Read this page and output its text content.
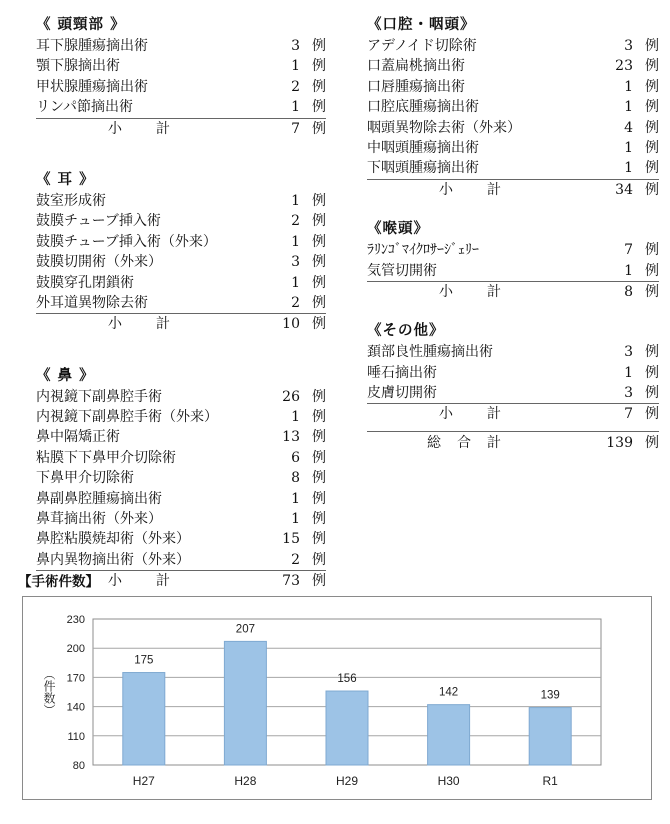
《 頭頸部 》
耳下腺腫瘍摘出術	3 例
顎下腺摘出術	1 例
甲状腺腫瘍摘出術	2 例
リンパ節摘出術	1 例
小計	7 例
《 耳 》
鼓室形成術	1 例
鼓膜チューブ挿入術	2 例
鼓膜チューブ挿入術（外来）	1 例
鼓膜切開術（外来）	3 例
鼓膜穿孔閉鎖術	1 例
外耳道異物除去術	2 例
小計	10 例
《 鼻 》
内視鏡下副鼻腔手術	26 例
内視鏡下副鼻腔手術（外来）	1 例
鼻中隔矯正術	13 例
粘膜下下鼻甲介切除術	6 例
下鼻甲介切除術	8 例
鼻副鼻腔腫瘍摘出術	1 例
鼻茸摘出術（外来）	1 例
鼻腔粘膜焼却術（外来）	15 例
鼻内異物摘出術（外来）	2 例
小計	73 例
《口腔・咽頭》
アデノイド切除術	3 例
口蓋扁桃摘出術	23 例
口唇腫瘍摘出術	1 例
口腔底腫瘍摘出術	1 例
咽頭異物除去術（外来）	4 例
中咽頭腫瘍摘出術	1 例
下咽頭腫瘍摘出術	1 例
小計	34 例
《喉頭》
ﾗﾘﾝｺﾞﾏｲｸﾛｻｰｼﾞｪﾘｰ	7 例
気管切開術	1 例
小計	8 例
《その他》
頚部良性腫瘍摘出術	3 例
唾石摘出術	1 例
皮膚切開術	3 例
小計	7 例
総合計	139 例
【手術件数】
80
110
140
170
200
230
（件数）
175
H27
207
H28
156
H29
142
H30
139
R1
